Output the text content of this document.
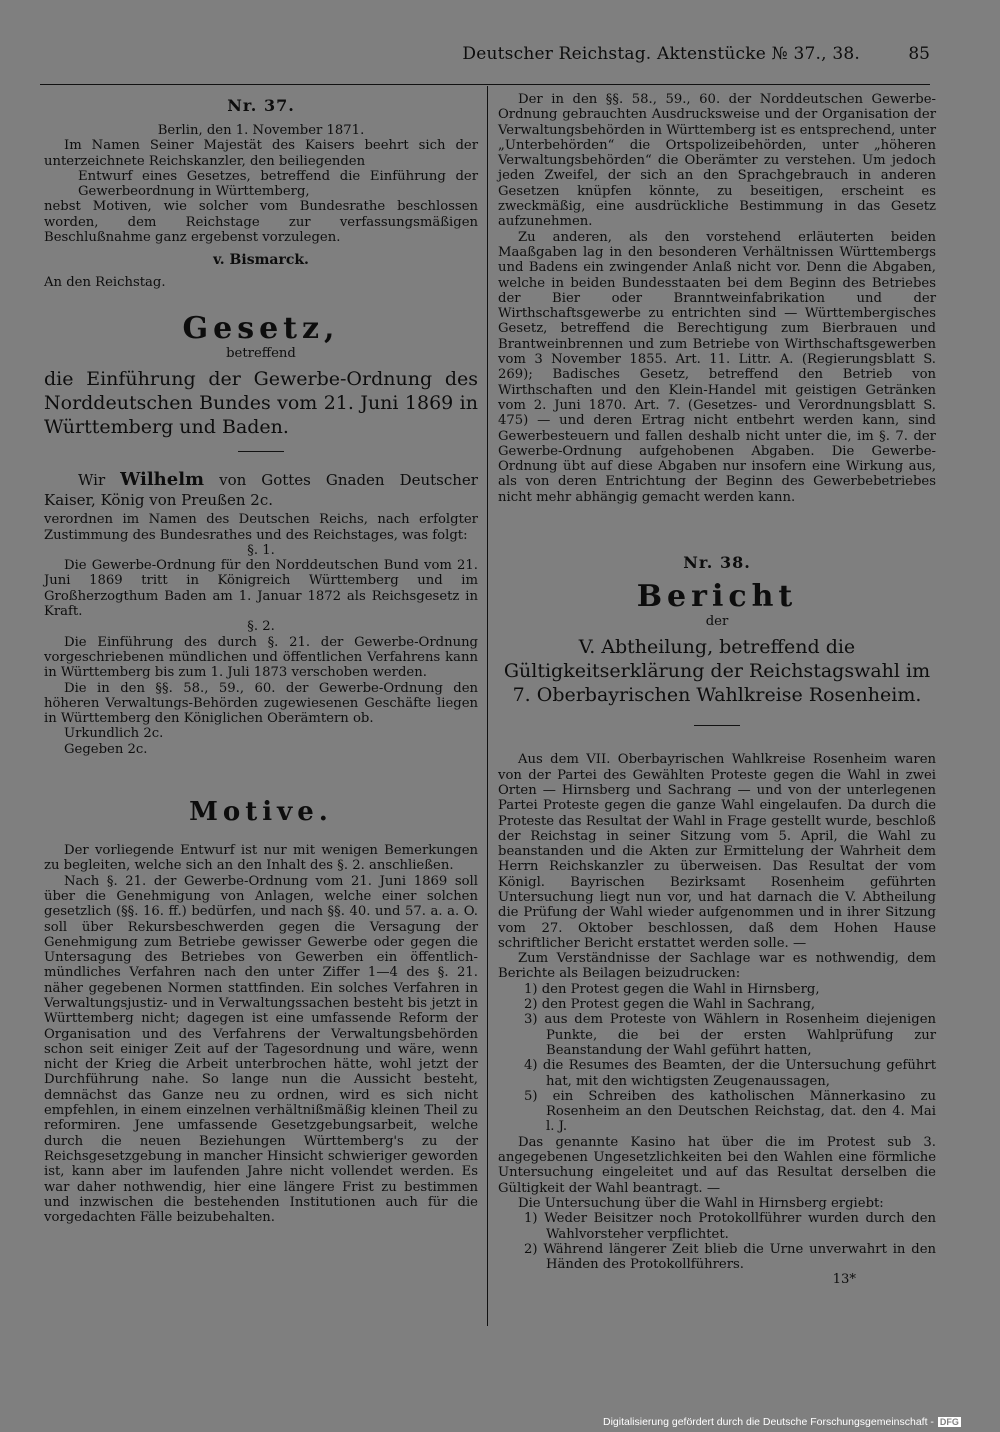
Deutscher Reichstag. Aktenstücke № 37., 38.	85
Nr. 37.

Berlin, den 1. November 1871.

Im Namen Seiner Majestät des Kaisers beehrt sich der unterzeichnete Reichskanzler, den beiliegenden

Entwurf eines Gesetzes, betreffend die Einführung der Gewerbeordnung in Württemberg,

nebst Motiven, wie solcher vom Bundesrathe beschlossen worden, dem Reichstage zur verfassungsmäßigen Beschlußnahme ganz ergebenst vorzulegen.

v. Bismarck.

An den Reichstag.

Gesetz,

betreffend

die Einführung der Gewerbe-Ordnung des Norddeutschen Bundes vom 21. Juni 1869 in Württemberg und Baden.

Wir Wilhelm von Gottes Gnaden Deutscher Kaiser, König von Preußen 2c.

verordnen im Namen des Deutschen Reichs, nach erfolgter Zustimmung des Bundesrathes und des Reichstages, was folgt:

§. 1.

Die Gewerbe-Ordnung für den Norddeutschen Bund vom 21. Juni 1869 tritt in Königreich Württemberg und im Großherzogthum Baden am 1. Januar 1872 als Reichsgesetz in Kraft.

§. 2.

Die Einführung des durch §. 21. der Gewerbe-Ordnung vorgeschriebenen mündlichen und öffentlichen Verfahrens kann in Württemberg bis zum 1. Juli 1873 verschoben werden.

Die in den §§. 58., 59., 60. der Gewerbe-Ordnung den höheren Verwaltungs-Behörden zugewiesenen Geschäfte liegen in Württemberg den Königlichen Oberämtern ob.

Urkundlich 2c.

Gegeben 2c.

Motive.

Der vorliegende Entwurf ist nur mit wenigen Bemerkungen zu begleiten, welche sich an den Inhalt des §. 2. anschließen.

Nach §. 21. der Gewerbe-Ordnung vom 21. Juni 1869 soll über die Genehmigung von Anlagen, welche einer solchen gesetzlich (§§. 16. ff.) bedürfen, und nach §§. 40. und 57. a. a. O. soll über Rekursbeschwerden gegen die Versagung der Genehmigung zum Betriebe gewisser Gewerbe oder gegen die Untersagung des Betriebes von Gewerben ein öffentlich-mündliches Verfahren nach den unter Ziffer 1—4 des §. 21. näher gegebenen Normen stattfinden. Ein solches Verfahren in Verwaltungsjustiz- und in Verwaltungssachen besteht bis jetzt in Württemberg nicht; dagegen ist eine umfassende Reform der Organisation und des Verfahrens der Verwaltungsbehörden schon seit einiger Zeit auf der Tagesordnung und wäre, wenn nicht der Krieg die Arbeit unterbrochen hätte, wohl jetzt der Durchführung nahe. So lange nun die Aussicht besteht, demnächst das Ganze neu zu ordnen, wird es sich nicht empfehlen, in einem einzelnen verhältnißmäßig kleinen Theil zu reformiren. Jene umfassende Gesetzgebungsarbeit, welche durch die neuen Beziehungen Württemberg's zu der Reichsgesetzgebung in mancher Hinsicht schwieriger geworden ist, kann aber im laufenden Jahre nicht vollendet werden. Es war daher nothwendig, hier eine längere Frist zu bestimmen und inzwischen die bestehenden Institutionen auch für die vorgedachten Fälle beizubehalten.

Der in den §§. 58., 59., 60. der Norddeutschen Gewerbe-Ordnung gebrauchten Ausdrucksweise und der Organisation der Verwaltungsbehörden in Württemberg ist es entsprechend, unter „Unterbehörden“ die Ortspolizeibehörden, unter „höheren Verwaltungsbehörden“ die Oberämter zu verstehen. Um jedoch jeden Zweifel, der sich an den Sprachgebrauch in anderen Gesetzen knüpfen könnte, zu beseitigen, erscheint es zweckmäßig, eine ausdrückliche Bestimmung in das Gesetz aufzunehmen.

Zu anderen, als den vorstehend erläuterten beiden Maaßgaben lag in den besonderen Verhältnissen Württembergs und Badens ein zwingender Anlaß nicht vor. Denn die Abgaben, welche in beiden Bundesstaaten bei dem Beginn des Betriebes der Bier oder Branntweinfabrikation und der Wirthschaftsgewerbe zu entrichten sind — Württembergisches Gesetz, betreffend die Berechtigung zum Bierbrauen und Brantweinbrennen und zum Betriebe von Wirthschaftsgewerben vom 3 November 1855. Art. 11. Littr. A. (Regierungsblatt S. 269); Badisches Gesetz, betreffend den Betrieb von Wirthschaften und den Klein-Handel mit geistigen Getränken vom 2. Juni 1870. Art. 7. (Gesetzes- und Verordnungsblatt S. 475) — und deren Ertrag nicht entbehrt werden kann, sind Gewerbesteuern und fallen deshalb nicht unter die, im §. 7. der Gewerbe-Ordnung aufgehobenen Abgaben. Die Gewerbe-Ordnung übt auf diese Abgaben nur insofern eine Wirkung aus, als von deren Entrichtung der Beginn des Gewerbebetriebes nicht mehr abhängig gemacht werden kann.

Nr. 38.
Bericht

der

V. Abtheilung, betreffend die Gültigkeitserklärung der Reichstagswahl im 7. Oberbayrischen Wahlkreise Rosenheim.

Aus dem VII. Oberbayrischen Wahlkreise Rosenheim waren von der Partei des Gewählten Proteste gegen die Wahl in zwei Orten — Hirnsberg und Sachrang — und von der unterlegenen Partei Proteste gegen die ganze Wahl eingelaufen. Da durch die Proteste das Resultat der Wahl in Frage gestellt wurde, beschloß der Reichstag in seiner Sitzung vom 5. April, die Wahl zu beanstanden und die Akten zur Ermittelung der Wahrheit dem Herrn Reichskanzler zu überweisen. Das Resultat der vom Königl. Bayrischen Bezirksamt Rosenheim geführten Untersuchung liegt nun vor, und hat darnach die V. Abtheilung die Prüfung der Wahl wieder aufgenommen und in ihrer Sitzung vom 27. Oktober beschlossen, daß dem Hohen Hause schriftlicher Bericht erstattet werden solle. —

Zum Verständnisse der Sachlage war es nothwendig, dem Berichte als Beilagen beizudrucken:

1) den Protest gegen die Wahl in Hirnsberg,

2) den Protest gegen die Wahl in Sachrang,

3) aus dem Proteste von Wählern in Rosenheim diejenigen Punkte, die bei der ersten Wahlprüfung zur Beanstandung der Wahl geführt hatten,

4) die Resumes des Beamten, der die Untersuchung geführt hat, mit den wichtigsten Zeugenaussagen,

5) ein Schreiben des katholischen Männerkasino zu Rosenheim an den Deutschen Reichstag, dat. den 4. Mai l. J.

Das genannte Kasino hat über die im Protest sub 3. angegebenen Ungesetzlichkeiten bei den Wahlen eine förmliche Untersuchung eingeleitet und auf das Resultat derselben die Gültigkeit der Wahl beantragt. —

Die Untersuchung über die Wahl in Hirnsberg ergiebt:

1) Weder Beisitzer noch Protokollführer wurden durch den Wahlvorsteher verpflichtet.

2) Während längerer Zeit blieb die Urne unverwahrt in den Händen des Protokollführers.

13*

Digitalisierung gefördert durch die Deutsche Forschungsgemeinschaft - DFG
